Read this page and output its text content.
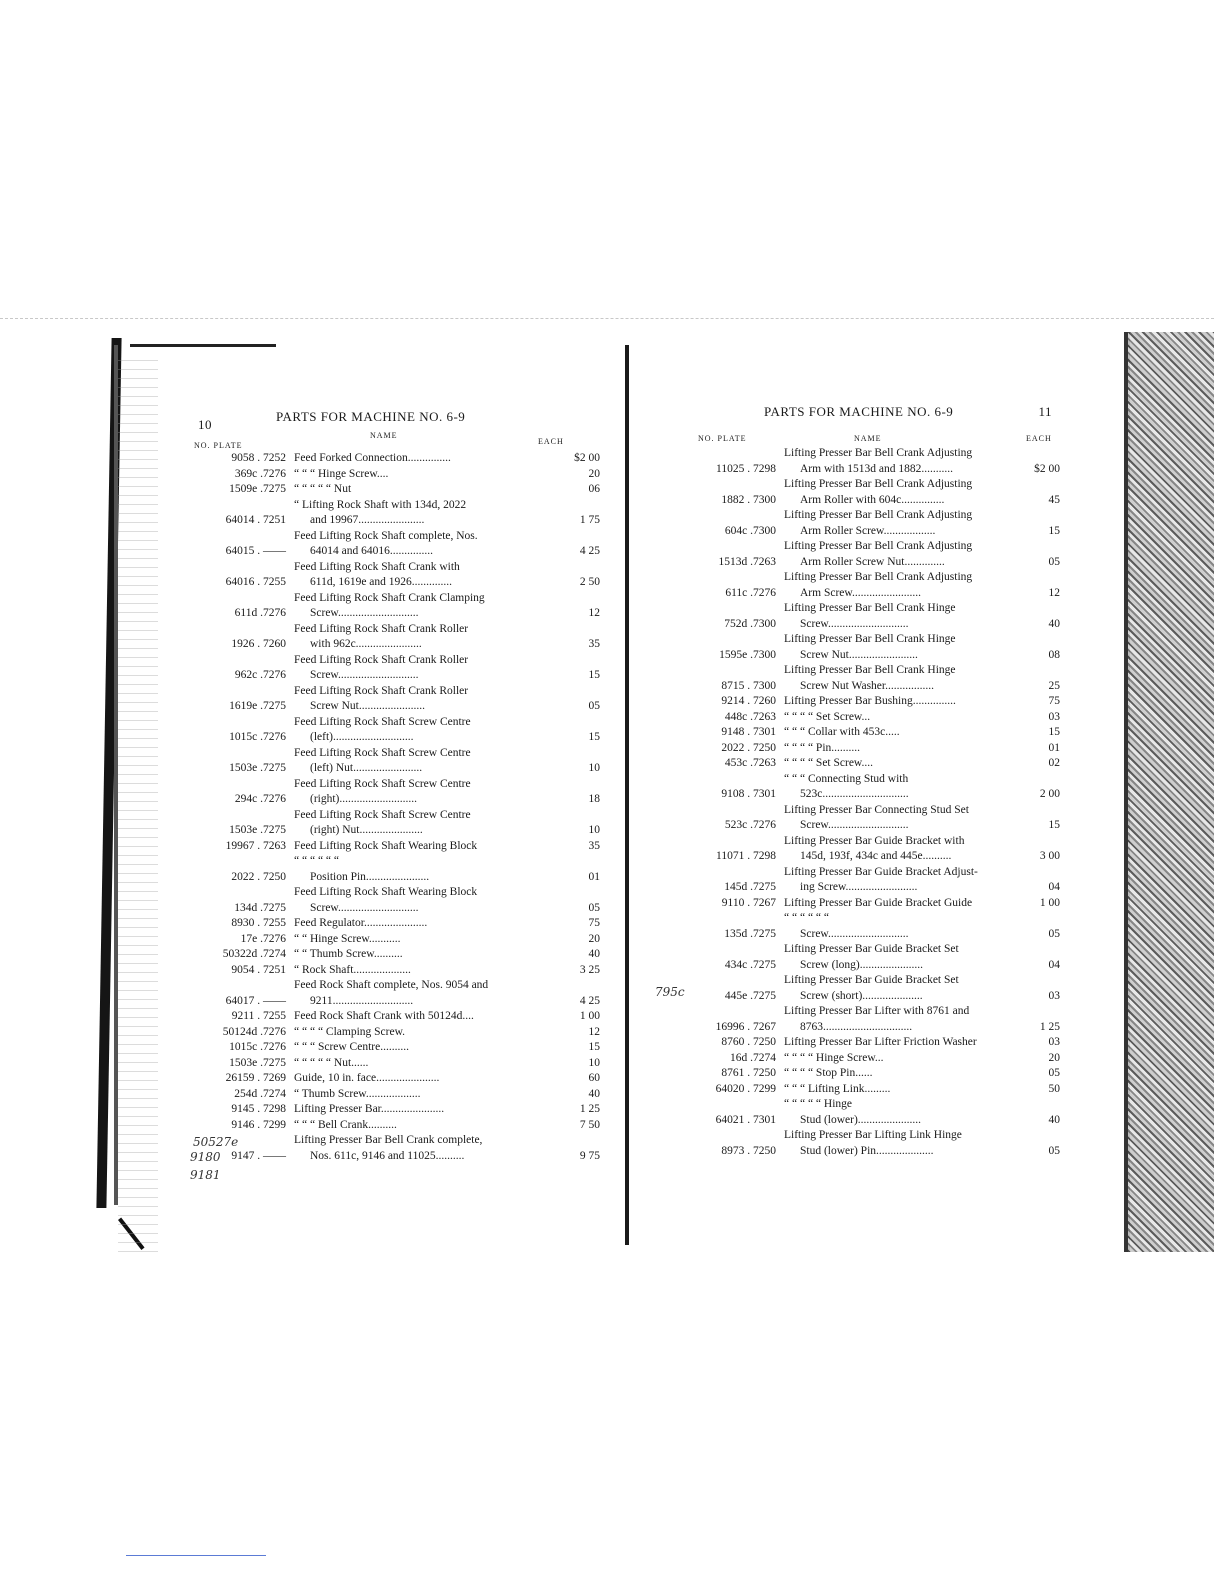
10
PARTS FOR MACHINE NO. 6-9
NO. PLATE
NAME
EACH
9058 . 7252 Feed Forked Connection...............	$2 00
369c .7276 “ “ “ Hinge Screw....	20
1509e .7275 “ “ “ “ “ Nut	06
64014 . 7251
“ Lifting Rock Shaft with 134d, 2022
and 19967.......................	1 75
64015 . ——
Feed Lifting Rock Shaft complete, Nos.
64014 and 64016...............	4 25
64016 . 7255
Feed Lifting Rock Shaft Crank with
611d, 1619e and 1926..............	2 50
611d .7276
Feed Lifting Rock Shaft Crank Clamping
Screw............................	12
1926 . 7260
Feed Lifting Rock Shaft Crank Roller
with 962c.......................	35
962c .7276
Feed Lifting Rock Shaft Crank Roller
Screw............................	15
1619e .7275
Feed Lifting Rock Shaft Crank Roller
Screw Nut.......................	05
1015c .7276
Feed Lifting Rock Shaft Screw Centre
(left)............................	15
1503e .7275
Feed Lifting Rock Shaft Screw Centre
(left) Nut........................	10
294c .7276
Feed Lifting Rock Shaft Screw Centre
(right)...........................	18
1503e .7275
Feed Lifting Rock Shaft Screw Centre
(right) Nut......................	10
19967 . 7263 Feed Lifting Rock Shaft Wearing Block	35
2022 . 7250
“ “ “ “ “ “
Position Pin......................	01
134d .7275
Feed Lifting Rock Shaft Wearing Block
Screw............................	05
8930 . 7255 Feed Regulator......................	75
17e .7276 “ “ Hinge Screw...........	20
50322d .7274 “ “ Thumb Screw..........	40
9054 . 7251 “ Rock Shaft....................	3 25
64017 . ——
Feed Rock Shaft complete, Nos. 9054 and
9211............................	4 25
9211 . 7255 Feed Rock Shaft Crank with 50124d....	1 00
50124d .7276 “ “ “ “ Clamping Screw.	12
1015c .7276 “ “ “ Screw Centre..........	15
1503e .7275 “ “ “ “ “ Nut......	10
26159 . 7269 Guide, 10 in. face......................	60
254d .7274 “ Thumb Screw...................	40
9145 . 7298 Lifting Presser Bar......................	1 25
9146 . 7299 “ “ “ Bell Crank..........	7 50
9147 . ——
Lifting Presser Bar Bell Crank complete,
Nos. 611c, 9146 and 11025..........	9 75
PARTS FOR MACHINE NO. 6-9	11
NO. PLATE	NAME	EACH
11025 . 7298
Lifting Presser Bar Bell Crank Adjusting
Arm with 1513d and 1882...........	$2 00
1882 . 7300
Lifting Presser Bar Bell Crank Adjusting
Arm Roller with 604c...............	45
604c .7300
Lifting Presser Bar Bell Crank Adjusting
Arm Roller Screw..................	15
1513d .7263
Lifting Presser Bar Bell Crank Adjusting
Arm Roller Screw Nut..............	05
611c .7276
Lifting Presser Bar Bell Crank Adjusting
Arm Screw........................	12
752d .7300
Lifting Presser Bar Bell Crank Hinge
Screw............................	40
1595e .7300
Lifting Presser Bar Bell Crank Hinge
Screw Nut........................	08
8715 . 7300
Lifting Presser Bar Bell Crank Hinge
Screw Nut Washer.................	25
9214 . 7260 Lifting Presser Bar Bushing...............	75
448c .7263 “ “ “ “ Set Screw...	03
9148 . 7301 “ “ “ Collar with 453c.....	15
2022 . 7250 “ “ “ “ Pin..........	01
453c .7263 “ “ “ “ Set Screw....	02
9108 . 7301
“ “ “ Connecting Stud with
523c..............................	2 00
523c .7276
Lifting Presser Bar Connecting Stud Set
Screw............................	15
11071 . 7298
Lifting Presser Bar Guide Bracket with
145d, 193f, 434c and 445e..........	3 00
145d .7275
Lifting Presser Bar Guide Bracket Adjust-
ing Screw.........................	04
9110 . 7267 Lifting Presser Bar Guide Bracket Guide	1 00
135d .7275
“ “ “ “ “ “
Screw............................	05
434c .7275
Lifting Presser Bar Guide Bracket Set
Screw (long)......................	04
445e .7275
Lifting Presser Bar Guide Bracket Set
Screw (short).....................	03
16996 . 7267
Lifting Presser Bar Lifter with 8761 and
8763...............................	1 25
8760 . 7250 Lifting Presser Bar Lifter Friction Washer	03
16d .7274 “ “ “ “ Hinge Screw...	20
8761 . 7250 “ “ “ “ Stop Pin......	05
64020 . 7299 “ “ “ Lifting Link.........	50
64021 . 7301
“ “ “ “ “ Hinge
Stud (lower)......................	40
8973 . 7250
Lifting Presser Bar Lifting Link Hinge
Stud (lower) Pin....................	05
50527e
9180
9181
795c
